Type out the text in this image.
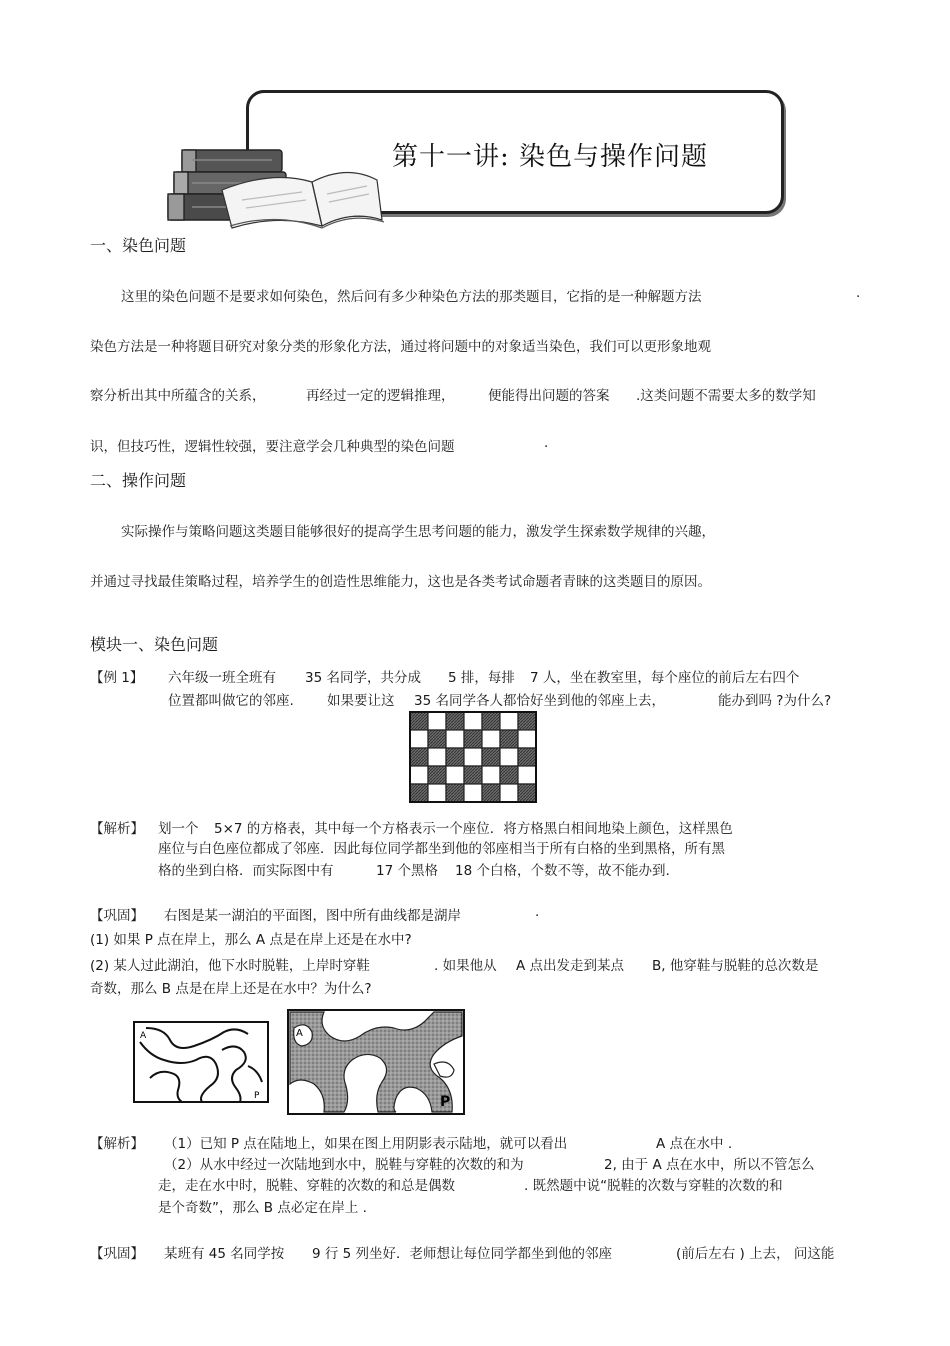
第十一讲: 染色与操作问题
一、染色问题
这里的染色问题不是要求如何染色，然后问有多少种染色方法的那类题目，它指的是一种解题方法	.
染色方法是一种将题目研究对象分类的形象化方法，通过将问题中的对象适当染色，我们可以更形象地观
察分析出其中所蕴含的关系，	再经过一定的逻辑推理， 便能得出问题的答案 .这类问题不需要太多的数学知
识，但技巧性，逻辑性较强，要注意学会几种典型的染色问题	.
二、操作问题
实际操作与策略问题这类题目能够很好的提高学生思考问题的能力，激发学生探索数学规律的兴趣，
并通过寻找最佳策略过程，培养学生的创造性思维能力，这也是各类考试命题者青睐的这类题目的原因。
模块一、染色问题
【例 1】 六年级一班全班有 35 名同学，共分成 5 排，每排 7 人，坐在教室里，每个座位的前后左右四个
位置都叫做它的邻座. 如果要让这 35 名同学各人都恰好坐到他的邻座上去，	能办到吗 ?为什么?
【解析】 划一个 5×7 的方格表，其中每一个方格表示一个座位．将方格黑白相间地染上颜色，这样黑色
座位与白色座位都成了邻座．因此每位同学都坐到他的邻座相当于所有白格的坐到黑格，所有黑
格的坐到白格．而实际图中有	17 个黑格 18 个白格，个数不等，故不能办到.
【巩固】 右图是某一湖泊的平面图，图中所有曲线都是湖岸	.
(1) 如果 P 点在岸上，那么 A 点是在岸上还是在水中?
(2) 某人过此湖泊，他下水时脱鞋，上岸时穿鞋	. 如果他从 A 点出发走到某点 B, 他穿鞋与脱鞋的总次数是
奇数，那么 B 点是在岸上还是在水中？为什么?
A
P
A
P
【解析】 （1）已知 P 点在陆地上，如果在图上用阴影表示陆地，就可以看出	A 点在水中 .
（2）从水中经过一次陆地到水中，脱鞋与穿鞋的次数的和为	2, 由于 A 点在水中，所以不管怎么
走，走在水中时，脱鞋、穿鞋的次数的和总是偶数	. 既然题中说“脱鞋的次数与穿鞋的次数的和
是个奇数”，那么 B 点必定在岸上 .
【巩固】 某班有 45 名同学按 9 行 5 列坐好．老师想让每位同学都坐到他的邻座	(前后左右 ) 上去， 问这能
